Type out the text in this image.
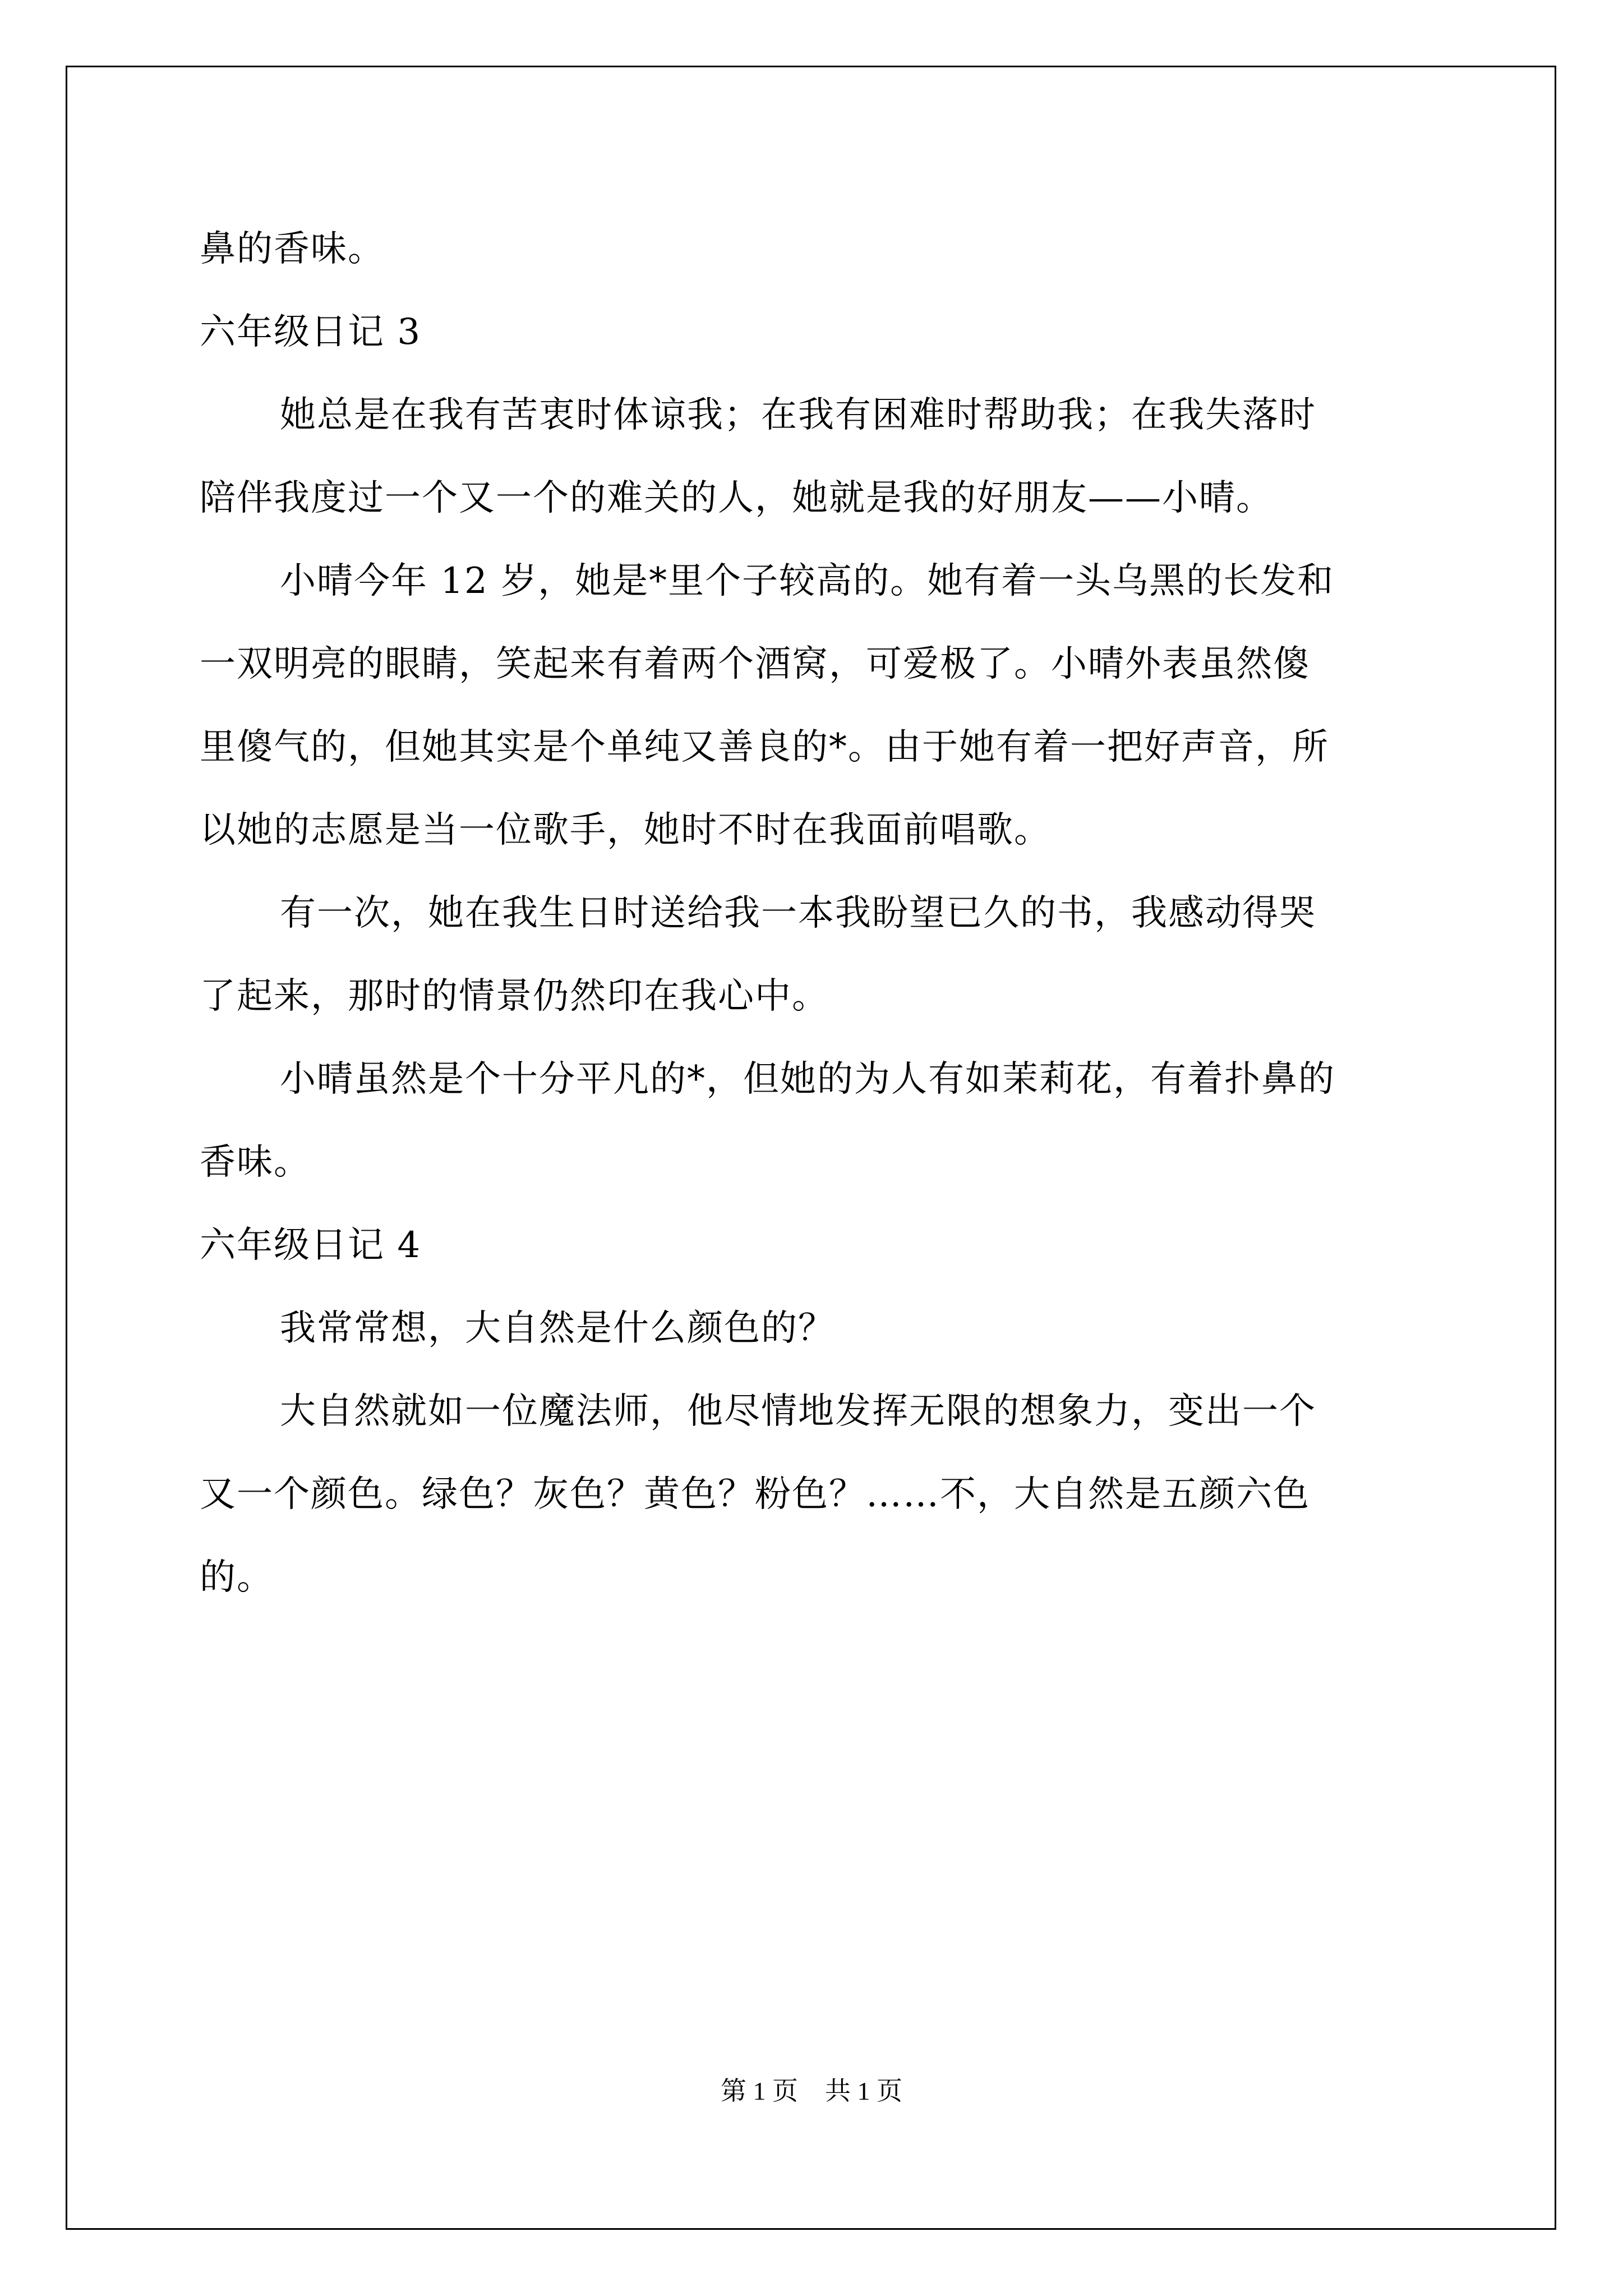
鼻的香味。
六年级日记 3
她总是在我有苦衷时体谅我；在我有困难时帮助我；在我失落时
陪伴我度过一个又一个的难关的人，她就是我的好朋友——小晴。
小晴今年 12 岁，她是*里个子较高的。她有着一头乌黑的长发和
一双明亮的眼睛，笑起来有着两个酒窝，可爱极了。小晴外表虽然傻
里傻气的，但她其实是个单纯又善良的*。由于她有着一把好声音，所
以她的志愿是当一位歌手，她时不时在我面前唱歌。
有一次，她在我生日时送给我一本我盼望已久的书，我感动得哭
了起来，那时的情景仍然印在我心中。
小晴虽然是个十分平凡的*，但她的为人有如茉莉花，有着扑鼻的
香味。
六年级日记 4
我常常想，大自然是什么颜色的？
大自然就如一位魔法师，他尽情地发挥无限的想象力，变出一个
又一个颜色。绿色？灰色？黄色？粉色？……不，大自然是五颜六色
的。
第 1 页 共 1 页
